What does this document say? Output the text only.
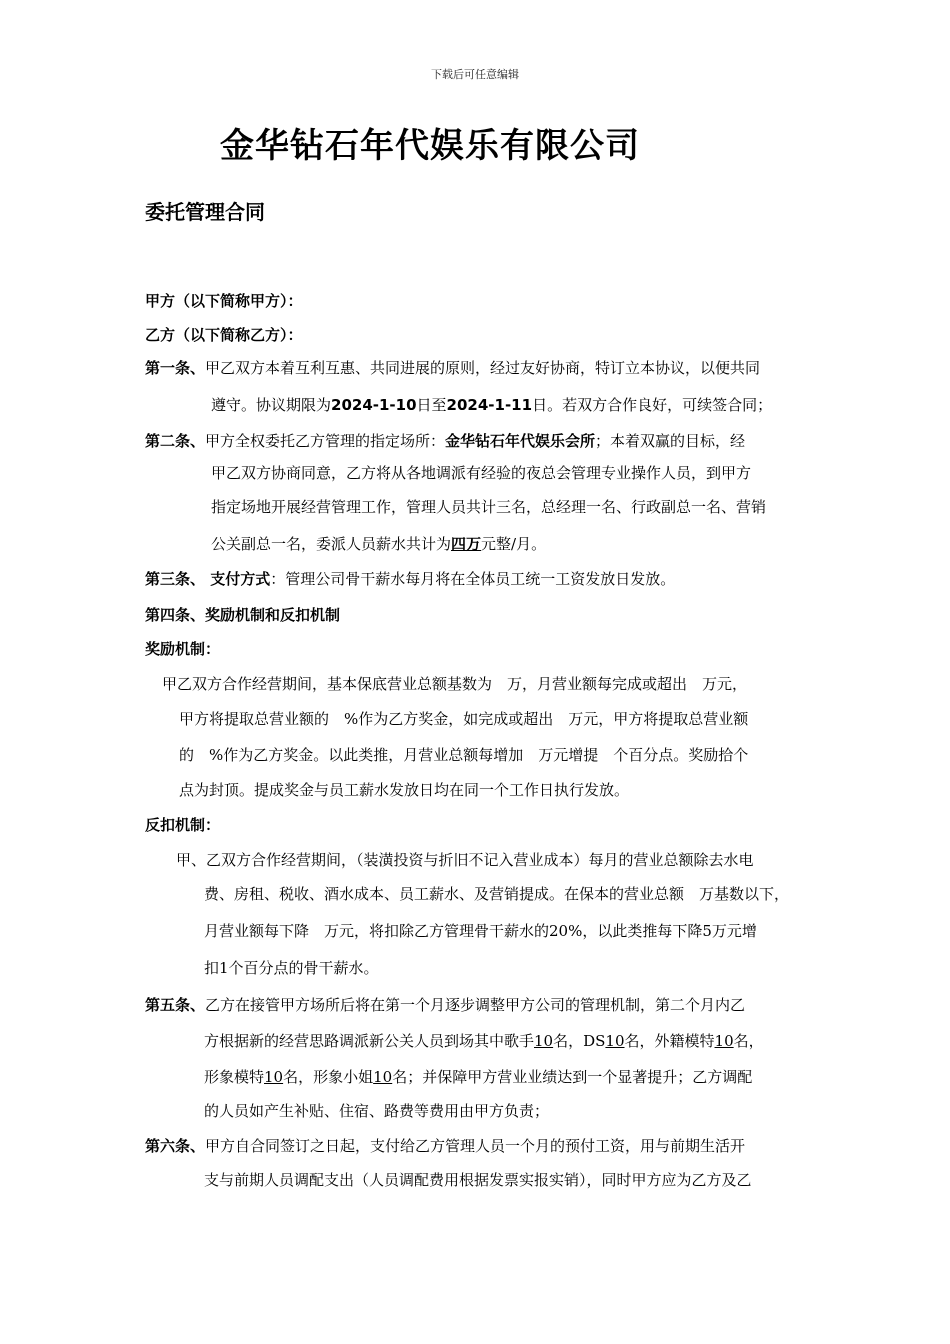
下载后可任意编辑
金华钻石年代娱乐有限公司
委托管理合同
甲方（以下简称甲方）：
乙方（以下简称乙方）：
第一条、甲乙双方本着互利互惠、共同进展的原则，经过友好协商，特订立本协议，以便共同
遵守。协议期限为2024-1-10日至2024-1-11日。若双方合作良好，可续签合同；
第二条、甲方全权委托乙方管理的指定场所：金华钻石年代娱乐会所；本着双赢的目标，经
甲乙双方协商同意，乙方将从各地调派有经验的夜总会管理专业操作人员，到甲方
指定场地开展经营管理工作，管理人员共计三名，总经理一名、行政副总一名、营销
公关副总一名，委派人员薪水共计为四万元整/月。
第三条、 支付方式：管理公司骨干薪水每月将在全体员工统一工资发放日发放。
第四条、奖励机制和反扣机制
奖励机制：
甲乙双方合作经营期间，基本保底营业总额基数为　万，月营业额每完成或超出　万元，
甲方将提取总营业额的　%作为乙方奖金，如完成或超出　万元，甲方将提取总营业额
的　%作为乙方奖金。以此类推，月营业总额每增加　万元增提　个百分点。奖励拾个
点为封顶。提成奖金与员工薪水发放日均在同一个工作日执行发放。
反扣机制：
甲、乙双方合作经营期间，（装潢投资与折旧不记入营业成本）每月的营业总额除去水电
费、房租、税收、酒水成本、员工薪水、及营销提成。在保本的营业总额　万基数以下，
月营业额每下降　万元，将扣除乙方管理骨干薪水的20%，以此类推每下降5万元增
扣1个百分点的骨干薪水。
第五条、乙方在接管甲方场所后将在第一个月逐步调整甲方公司的管理机制，第二个月内乙
方根据新的经营思路调派新公关人员到场其中歌手10名，DS10名，外籍模特10名，
形象模特10名，形象小姐10名；并保障甲方营业业绩达到一个显著提升；乙方调配
的人员如产生补贴、住宿、路费等费用由甲方负责；
第六条、甲方自合同签订之日起，支付给乙方管理人员一个月的预付工资，用与前期生活开
支与前期人员调配支出（人员调配费用根据发票实报实销），同时甲方应为乙方及乙
